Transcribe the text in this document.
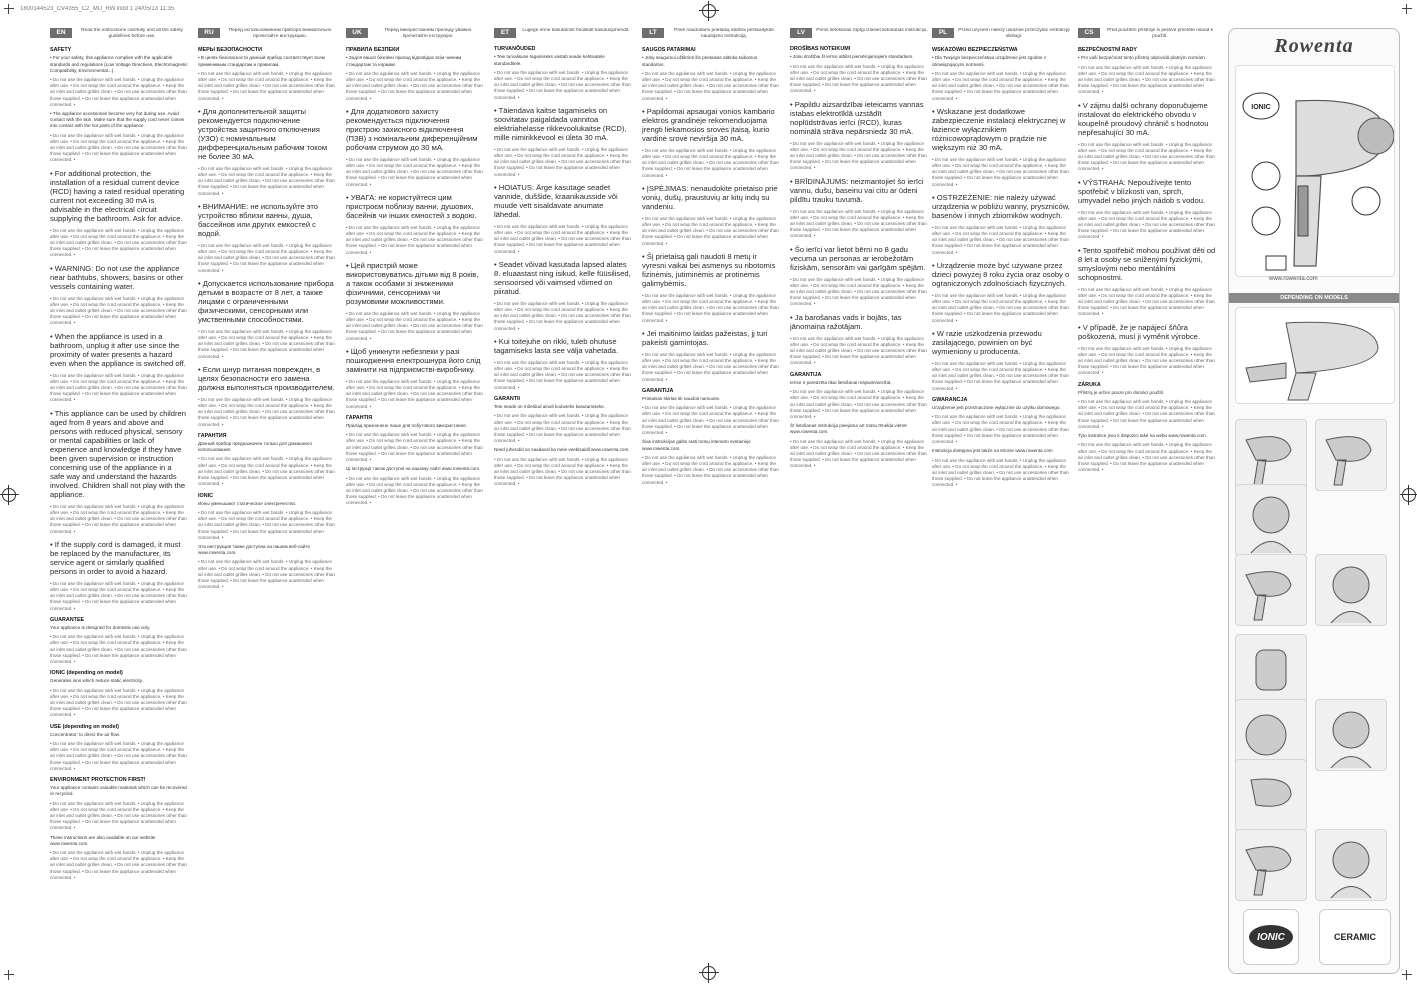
1800144523_CV4355_C2_MU_RW.indd 1 24/05/13 11:35
EN	Read the instructions carefully and all the safety guidelines before use.
SAFETY
• For your safety, this appliance complies with the applicable standards and regulations (Low Voltage Directives, Electromagnetic Compatibility, Environmental...).
• Do not use the appliance with wet hands. • Unplug the appliance after use. • Do not wrap the cord around the appliance. • Keep the air inlet and outlet grilles clean. • Do not use accessories other than those supplied. • Do not leave the appliance unattended when connected. •
• The appliance accessories become very hot during use. Avoid contact with the skin. Make sure that the supply cord never comes into contact with the hot parts of the appliance.
• Do not use the appliance with wet hands. • Unplug the appliance after use. • Do not wrap the cord around the appliance. • Keep the air inlet and outlet grilles clean. • Do not use accessories other than those supplied. • Do not leave the appliance unattended when connected. •
• For additional protection, the installation of a residual current device (RCD) having a rated residual operating current not exceeding 30 mA is advisable in the electrical circuit supplying the bathroom. Ask for advice.
• Do not use the appliance with wet hands. • Unplug the appliance after use. • Do not wrap the cord around the appliance. • Keep the air inlet and outlet grilles clean. • Do not use accessories other than those supplied. • Do not leave the appliance unattended when connected. •
• WARNING: Do not use the appliance near bathtubs, showers, basins or other vessels containing water.
• Do not use the appliance with wet hands. • Unplug the appliance after use. • Do not wrap the cord around the appliance. • Keep the air inlet and outlet grilles clean. • Do not use accessories other than those supplied. • Do not leave the appliance unattended when connected. •
• When the appliance is used in a bathroom, unplug it after use since the proximity of water presents a hazard even when the appliance is switched off.
• Do not use the appliance with wet hands. • Unplug the appliance after use. • Do not wrap the cord around the appliance. • Keep the air inlet and outlet grilles clean. • Do not use accessories other than those supplied. • Do not leave the appliance unattended when connected. •
• This appliance can be used by children aged from 8 years and above and persons with reduced physical, sensory or mental capabilities or lack of experience and knowledge if they have been given supervision or instruction concerning use of the appliance in a safe way and understand the hazards involved. Children shall not play with the appliance.
• Do not use the appliance with wet hands. • Unplug the appliance after use. • Do not wrap the cord around the appliance. • Keep the air inlet and outlet grilles clean. • Do not use accessories other than those supplied. • Do not leave the appliance unattended when connected. •
• If the supply cord is damaged, it must be replaced by the manufacturer, its service agent or similarly qualified persons in order to avoid a hazard.
• Do not use the appliance with wet hands. • Unplug the appliance after use. • Do not wrap the cord around the appliance. • Keep the air inlet and outlet grilles clean. • Do not use accessories other than those supplied. • Do not leave the appliance unattended when connected. •
GUARANTEE
Your appliance is designed for domestic use only.
• Do not use the appliance with wet hands. • Unplug the appliance after use. • Do not wrap the cord around the appliance. • Keep the air inlet and outlet grilles clean. • Do not use accessories other than those supplied. • Do not leave the appliance unattended when connected. •
IONIC (depending on model)
Generates ions which reduce static electricity.
• Do not use the appliance with wet hands. • Unplug the appliance after use. • Do not wrap the cord around the appliance. • Keep the air inlet and outlet grilles clean. • Do not use accessories other than those supplied. • Do not leave the appliance unattended when connected. •
USE (depending on model)
Concentrator: to direct the air flow.
• Do not use the appliance with wet hands. • Unplug the appliance after use. • Do not wrap the cord around the appliance. • Keep the air inlet and outlet grilles clean. • Do not use accessories other than those supplied. • Do not leave the appliance unattended when connected. •
ENVIRONMENT PROTECTION FIRST!
Your appliance contains valuable materials which can be recovered or recycled.
• Do not use the appliance with wet hands. • Unplug the appliance after use. • Do not wrap the cord around the appliance. • Keep the air inlet and outlet grilles clean. • Do not use accessories other than those supplied. • Do not leave the appliance unattended when connected. •
These instructions are also available on our website www.rowenta.com.
• Do not use the appliance with wet hands. • Unplug the appliance after use. • Do not wrap the cord around the appliance. • Keep the air inlet and outlet grilles clean. • Do not use accessories other than those supplied. • Do not leave the appliance unattended when connected. •
RU	Перед использованием прибора внимательно прочитайте инструкцию.
МЕРЫ БЕЗОПАСНОСТИ
• В целях безопасности данный прибор соответствует всем применимым стандартам и правилам.
• Do not use the appliance with wet hands. • Unplug the appliance after use. • Do not wrap the cord around the appliance. • Keep the air inlet and outlet grilles clean. • Do not use accessories other than those supplied. • Do not leave the appliance unattended when connected. •
• Для дополнительной защиты рекомендуется подключение устройства защитного отключения (УЗО) с номинальным дифференциальным рабочим током не более 30 мА.
• Do not use the appliance with wet hands. • Unplug the appliance after use. • Do not wrap the cord around the appliance. • Keep the air inlet and outlet grilles clean. • Do not use accessories other than those supplied. • Do not leave the appliance unattended when connected. •
• ВНИМАНИЕ: не используйте это устройство вблизи ванны, душа, бассейнов или других емкостей с водой.
• Do not use the appliance with wet hands. • Unplug the appliance after use. • Do not wrap the cord around the appliance. • Keep the air inlet and outlet grilles clean. • Do not use accessories other than those supplied. • Do not leave the appliance unattended when connected. •
• Допускается использование прибора детьми в возрасте от 8 лет, а также лицами с ограниченными физическими, сенсорными или умственными способностями.
• Do not use the appliance with wet hands. • Unplug the appliance after use. • Do not wrap the cord around the appliance. • Keep the air inlet and outlet grilles clean. • Do not use accessories other than those supplied. • Do not leave the appliance unattended when connected. •
• Если шнур питания поврежден, в целях безопасности его замена должна выполняться производителем.
• Do not use the appliance with wet hands. • Unplug the appliance after use. • Do not wrap the cord around the appliance. • Keep the air inlet and outlet grilles clean. • Do not use accessories other than those supplied. • Do not leave the appliance unattended when connected. •
ГАРАНТИЯ
Данный прибор предназначен только для домашнего использования.
• Do not use the appliance with wet hands. • Unplug the appliance after use. • Do not wrap the cord around the appliance. • Keep the air inlet and outlet grilles clean. • Do not use accessories other than those supplied. • Do not leave the appliance unattended when connected. •
IONIC
Ионы уменьшают статическое электричество.
• Do not use the appliance with wet hands. • Unplug the appliance after use. • Do not wrap the cord around the appliance. • Keep the air inlet and outlet grilles clean. • Do not use accessories other than those supplied. • Do not leave the appliance unattended when connected. •
Эта инструкция также доступна на нашем веб-сайте www.rowenta.com.
• Do not use the appliance with wet hands. • Unplug the appliance after use. • Do not wrap the cord around the appliance. • Keep the air inlet and outlet grilles clean. • Do not use accessories other than those supplied. • Do not leave the appliance unattended when connected. •
UK	Перед використанням приладу уважно прочитайте інструкцію.
ПРАВИЛА БЕЗПЕКИ
• Задля вашої безпеки прилад відповідає всім чинним стандартам та нормам.
• Do not use the appliance with wet hands. • Unplug the appliance after use. • Do not wrap the cord around the appliance. • Keep the air inlet and outlet grilles clean. • Do not use accessories other than those supplied. • Do not leave the appliance unattended when connected. •
• Для додаткового захисту рекомендується підключення пристрою захисного відключення (ПЗВ) з номінальним диференційним робочим струмом до 30 мА.
• Do not use the appliance with wet hands. • Unplug the appliance after use. • Do not wrap the cord around the appliance. • Keep the air inlet and outlet grilles clean. • Do not use accessories other than those supplied. • Do not leave the appliance unattended when connected. •
• УВАГА: не користуйтеся цим пристроєм поблизу ванни, душових, басейнів чи інших ємностей з водою.
• Do not use the appliance with wet hands. • Unplug the appliance after use. • Do not wrap the cord around the appliance. • Keep the air inlet and outlet grilles clean. • Do not use accessories other than those supplied. • Do not leave the appliance unattended when connected. •
• Цей пристрій може використовуватись дітьми від 8 років, а також особами зі зниженими фізичними, сенсорними чи розумовими можливостями.
• Do not use the appliance with wet hands. • Unplug the appliance after use. • Do not wrap the cord around the appliance. • Keep the air inlet and outlet grilles clean. • Do not use accessories other than those supplied. • Do not leave the appliance unattended when connected. •
• Щоб уникнути небезпеки у разі пошкодження електрошнура його слід замінити на підприємстві-виробнику.
• Do not use the appliance with wet hands. • Unplug the appliance after use. • Do not wrap the cord around the appliance. • Keep the air inlet and outlet grilles clean. • Do not use accessories other than those supplied. • Do not leave the appliance unattended when connected. •
ГАРАНТІЯ
Прилад призначено лише для побутового використання.
• Do not use the appliance with wet hands. • Unplug the appliance after use. • Do not wrap the cord around the appliance. • Keep the air inlet and outlet grilles clean. • Do not use accessories other than those supplied. • Do not leave the appliance unattended when connected. •
Ці інструкції також доступні на нашому сайті www.rowenta.com.
• Do not use the appliance with wet hands. • Unplug the appliance after use. • Do not wrap the cord around the appliance. • Keep the air inlet and outlet grilles clean. • Do not use accessories other than those supplied. • Do not leave the appliance unattended when connected. •
ET	Lugege enne kasutamist hoolikalt kasutusjuhendit.
TURVANÕUDED
• Teie turvalisuse tagamiseks vastab seade kehtivatele standarditele.
• Do not use the appliance with wet hands. • Unplug the appliance after use. • Do not wrap the cord around the appliance. • Keep the air inlet and outlet grilles clean. • Do not use accessories other than those supplied. • Do not leave the appliance unattended when connected. •
• Täiendava kaitse tagamiseks on soovitatav paigaldada vannitoa elektriahelasse rikkevoolukaitse (RCD), mille nimirikkevool ei ületa 30 mA.
• Do not use the appliance with wet hands. • Unplug the appliance after use. • Do not wrap the cord around the appliance. • Keep the air inlet and outlet grilles clean. • Do not use accessories other than those supplied. • Do not leave the appliance unattended when connected. •
• HOIATUS: Ärge kasutage seadet vannide, duššide, kraanikausside või muude vett sisaldavate anumate lähedal.
• Do not use the appliance with wet hands. • Unplug the appliance after use. • Do not wrap the cord around the appliance. • Keep the air inlet and outlet grilles clean. • Do not use accessories other than those supplied. • Do not leave the appliance unattended when connected. •
• Seadet võivad kasutada lapsed alates 8. eluaastast ning isikud, kelle füüsilised, sensoorsed või vaimsed võimed on piiratud.
• Do not use the appliance with wet hands. • Unplug the appliance after use. • Do not wrap the cord around the appliance. • Keep the air inlet and outlet grilles clean. • Do not use accessories other than those supplied. • Do not leave the appliance unattended when connected. •
• Kui toitejuhe on rikki, tuleb ohutuse tagamiseks lasta see välja vahetada.
• Do not use the appliance with wet hands. • Unplug the appliance after use. • Do not wrap the cord around the appliance. • Keep the air inlet and outlet grilles clean. • Do not use accessories other than those supplied. • Do not leave the appliance unattended when connected. •
GARANTII
Teie seade on mõeldud ainult koduseks kasutamiseks.
• Do not use the appliance with wet hands. • Unplug the appliance after use. • Do not wrap the cord around the appliance. • Keep the air inlet and outlet grilles clean. • Do not use accessories other than those supplied. • Do not leave the appliance unattended when connected. •
Need juhendid on saadaval ka meie veebisaidil www.rowenta.com.
• Do not use the appliance with wet hands. • Unplug the appliance after use. • Do not wrap the cord around the appliance. • Keep the air inlet and outlet grilles clean. • Do not use accessories other than those supplied. • Do not leave the appliance unattended when connected. •
LT	Prieš naudodami prietaisą atidžiai perskaitykite naudojimo instrukciją.
SAUGOS PATARIMAI
• Jūsų saugumui užtikrinti šis prietaisas atitinka taikomus standartus.
• Do not use the appliance with wet hands. • Unplug the appliance after use. • Do not wrap the cord around the appliance. • Keep the air inlet and outlet grilles clean. • Do not use accessories other than those supplied. • Do not leave the appliance unattended when connected. •
• Papildomai apsaugai vonios kambario elektros grandinėje rekomenduojama įrengti liekamosios srovės įtaisą, kurio vardinė srovė neviršija 30 mA.
• Do not use the appliance with wet hands. • Unplug the appliance after use. • Do not wrap the cord around the appliance. • Keep the air inlet and outlet grilles clean. • Do not use accessories other than those supplied. • Do not leave the appliance unattended when connected. •
• ĮSPĖJIMAS: nenaudokite prietaiso prie vonių, dušų, praustuvių ar kitų indų su vandeniu.
• Do not use the appliance with wet hands. • Unplug the appliance after use. • Do not wrap the cord around the appliance. • Keep the air inlet and outlet grilles clean. • Do not use accessories other than those supplied. • Do not leave the appliance unattended when connected. •
• Šį prietaisą gali naudoti 8 metų ir vyresni vaikai bei asmenys su ribotomis fizinėmis, jutiminėmis ar protinėmis galimybėmis.
• Do not use the appliance with wet hands. • Unplug the appliance after use. • Do not wrap the cord around the appliance. • Keep the air inlet and outlet grilles clean. • Do not use accessories other than those supplied. • Do not leave the appliance unattended when connected. •
• Jei maitinimo laidas pažeistas, jį turi pakeisti gamintojas.
• Do not use the appliance with wet hands. • Unplug the appliance after use. • Do not wrap the cord around the appliance. • Keep the air inlet and outlet grilles clean. • Do not use accessories other than those supplied. • Do not leave the appliance unattended when connected. •
GARANTIJA
Prietaisas skirtas tik naudoti namuose.
• Do not use the appliance with wet hands. • Unplug the appliance after use. • Do not wrap the cord around the appliance. • Keep the air inlet and outlet grilles clean. • Do not use accessories other than those supplied. • Do not leave the appliance unattended when connected. •
Šias instrukcijas galite rasti mūsų interneto svetainėje www.rowenta.com.
• Do not use the appliance with wet hands. • Unplug the appliance after use. • Do not wrap the cord around the appliance. • Keep the air inlet and outlet grilles clean. • Do not use accessories other than those supplied. • Do not leave the appliance unattended when connected. •
LV	Pirms lietošanas rūpīgi izlasiet lietošanas instrukciju.
DROŠĪBAS NOTEIKUMI
• Jūsu drošībai šī ierīce atbilst piemērojamajiem standartiem.
• Do not use the appliance with wet hands. • Unplug the appliance after use. • Do not wrap the cord around the appliance. • Keep the air inlet and outlet grilles clean. • Do not use accessories other than those supplied. • Do not leave the appliance unattended when connected. •
• Papildu aizsardzībai ieteicams vannas istabas elektrotīklā uzstādīt noplūdstrāvas ierīci (RCD), kuras nominālā strāva nepārsniedz 30 mA.
• Do not use the appliance with wet hands. • Unplug the appliance after use. • Do not wrap the cord around the appliance. • Keep the air inlet and outlet grilles clean. • Do not use accessories other than those supplied. • Do not leave the appliance unattended when connected. •
• BRĪDINĀJUMS: neizmantojiet šo ierīci vannu, dušu, baseinu vai citu ar ūdeni pildītu trauku tuvumā.
• Do not use the appliance with wet hands. • Unplug the appliance after use. • Do not wrap the cord around the appliance. • Keep the air inlet and outlet grilles clean. • Do not use accessories other than those supplied. • Do not leave the appliance unattended when connected. •
• Šo ierīci var lietot bērni no 8 gadu vecuma un personas ar ierobežotām fiziskām, sensorām vai garīgām spējām.
• Do not use the appliance with wet hands. • Unplug the appliance after use. • Do not wrap the cord around the appliance. • Keep the air inlet and outlet grilles clean. • Do not use accessories other than those supplied. • Do not leave the appliance unattended when connected. •
• Ja barošanas vads ir bojāts, tas jānomaina ražotājam.
• Do not use the appliance with wet hands. • Unplug the appliance after use. • Do not wrap the cord around the appliance. • Keep the air inlet and outlet grilles clean. • Do not use accessories other than those supplied. • Do not leave the appliance unattended when connected. •
GARANTIJA
Ierīce ir paredzēta tikai lietošanai mājsaimniecībā.
• Do not use the appliance with wet hands. • Unplug the appliance after use. • Do not wrap the cord around the appliance. • Keep the air inlet and outlet grilles clean. • Do not use accessories other than those supplied. • Do not leave the appliance unattended when connected. •
Šī lietošanas instrukcija pieejama arī mūsu tīmekļa vietnē www.rowenta.com.
• Do not use the appliance with wet hands. • Unplug the appliance after use. • Do not wrap the cord around the appliance. • Keep the air inlet and outlet grilles clean. • Do not use accessories other than those supplied. • Do not leave the appliance unattended when connected. •
PL	Przed użyciem należy uważnie przeczytać instrukcję obsługi.
WSKAZÓWKI BEZPIECZEŃSTWA
• Dla Twojego bezpieczeństwa urządzenie jest zgodne z obowiązującymi normami.
• Do not use the appliance with wet hands. • Unplug the appliance after use. • Do not wrap the cord around the appliance. • Keep the air inlet and outlet grilles clean. • Do not use accessories other than those supplied. • Do not leave the appliance unattended when connected. •
• Wskazane jest dodatkowe zabezpieczenie instalacji elektrycznej w łazience wyłącznikiem różnicowoprądowym o prądzie nie większym niż 30 mA.
• Do not use the appliance with wet hands. • Unplug the appliance after use. • Do not wrap the cord around the appliance. • Keep the air inlet and outlet grilles clean. • Do not use accessories other than those supplied. • Do not leave the appliance unattended when connected. •
• OSTRZEŻENIE: nie należy używać urządzenia w pobliżu wanny, pryszniców, basenów i innych zbiorników wodnych.
• Do not use the appliance with wet hands. • Unplug the appliance after use. • Do not wrap the cord around the appliance. • Keep the air inlet and outlet grilles clean. • Do not use accessories other than those supplied. • Do not leave the appliance unattended when connected. •
• Urządzenie może być używane przez dzieci powyżej 8 roku życia oraz osoby o ograniczonych zdolnościach fizycznych.
• Do not use the appliance with wet hands. • Unplug the appliance after use. • Do not wrap the cord around the appliance. • Keep the air inlet and outlet grilles clean. • Do not use accessories other than those supplied. • Do not leave the appliance unattended when connected. •
• W razie uszkodzenia przewodu zasilającego, powinien on być wymieniony u producenta.
• Do not use the appliance with wet hands. • Unplug the appliance after use. • Do not wrap the cord around the appliance. • Keep the air inlet and outlet grilles clean. • Do not use accessories other than those supplied. • Do not leave the appliance unattended when connected. •
GWARANCJA
Urządzenie jest przeznaczone wyłącznie do użytku domowego.
• Do not use the appliance with wet hands. • Unplug the appliance after use. • Do not wrap the cord around the appliance. • Keep the air inlet and outlet grilles clean. • Do not use accessories other than those supplied. • Do not leave the appliance unattended when connected. •
Instrukcja dostępna jest także na stronie www.rowenta.com.
• Do not use the appliance with wet hands. • Unplug the appliance after use. • Do not wrap the cord around the appliance. • Keep the air inlet and outlet grilles clean. • Do not use accessories other than those supplied. • Do not leave the appliance unattended when connected. •
CS	Před použitím přístroje si pečlivě přečtěte návod k použití.
BEZPEČNOSTNÍ RADY
• Pro vaši bezpečnost tento přístroj odpovídá platným normám.
• Do not use the appliance with wet hands. • Unplug the appliance after use. • Do not wrap the cord around the appliance. • Keep the air inlet and outlet grilles clean. • Do not use accessories other than those supplied. • Do not leave the appliance unattended when connected. •
• V zájmu další ochrany doporučujeme instalovat do elektrického obvodu v koupelně proudový chránič s hodnotou nepřesahující 30 mA.
• Do not use the appliance with wet hands. • Unplug the appliance after use. • Do not wrap the cord around the appliance. • Keep the air inlet and outlet grilles clean. • Do not use accessories other than those supplied. • Do not leave the appliance unattended when connected. •
• VÝSTRAHA: Nepoužívejte tento spotřebič v blízkosti van, sprch, umyvadel nebo jiných nádob s vodou.
• Do not use the appliance with wet hands. • Unplug the appliance after use. • Do not wrap the cord around the appliance. • Keep the air inlet and outlet grilles clean. • Do not use accessories other than those supplied. • Do not leave the appliance unattended when connected. •
• Tento spotřebič mohou používat děti od 8 let a osoby se sníženými fyzickými, smyslovými nebo mentálními schopnostmi.
• Do not use the appliance with wet hands. • Unplug the appliance after use. • Do not wrap the cord around the appliance. • Keep the air inlet and outlet grilles clean. • Do not use accessories other than those supplied. • Do not leave the appliance unattended when connected. •
• V případě, že je napájecí šňůra poškozená, musí ji vyměnit výrobce.
• Do not use the appliance with wet hands. • Unplug the appliance after use. • Do not wrap the cord around the appliance. • Keep the air inlet and outlet grilles clean. • Do not use accessories other than those supplied. • Do not leave the appliance unattended when connected. •
ZÁRUKA
Přístroj je určen pouze pro domácí použití.
• Do not use the appliance with wet hands. • Unplug the appliance after use. • Do not wrap the cord around the appliance. • Keep the air inlet and outlet grilles clean. • Do not use accessories other than those supplied. • Do not leave the appliance unattended when connected. •
Tyto instrukce jsou k dispozici také na webu www.rowenta.com.
• Do not use the appliance with wet hands. • Unplug the appliance after use. • Do not wrap the cord around the appliance. • Keep the air inlet and outlet grilles clean. • Do not use accessories other than those supplied. • Do not leave the appliance unattended when connected. •
Rowenta
IONIC
www.rowenta.com
DEPENDING ON MODELS
IONIC	CERAMIC
